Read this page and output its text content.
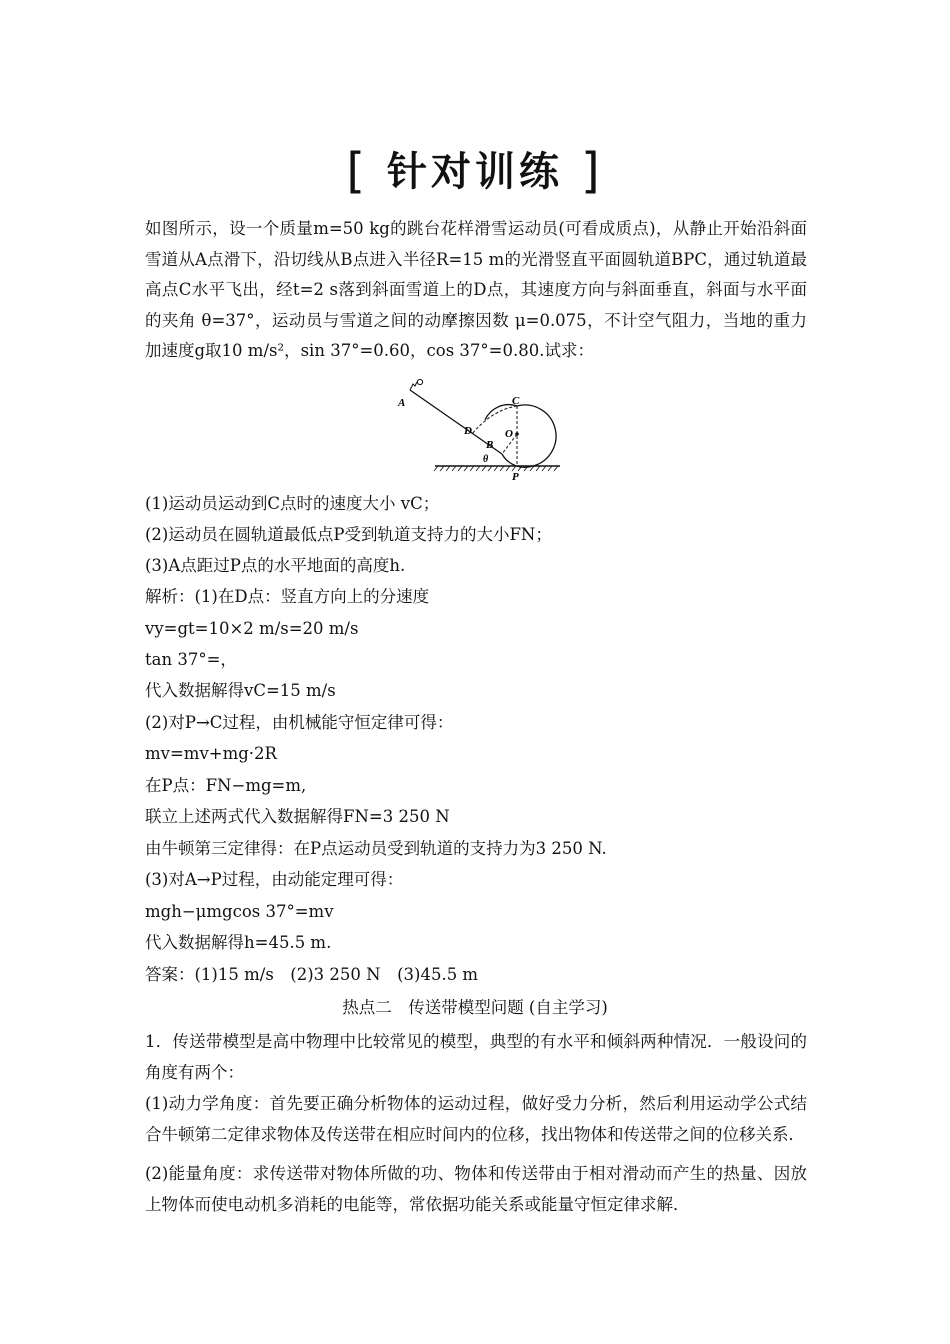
[ 针对训练 ]
如图所示，设一个质量m=50 kg的跳台花样滑雪运动员(可看成质点)，从静止开始沿斜面雪道从A点滑下，沿切线从B点进入半径R=15 m的光滑竖直平面圆轨道BPC，通过轨道最高点C水平飞出，经t=2 s落到斜面雪道上的D点，其速度方向与斜面垂直，斜面与水平面的夹角 θ=37°，运动员与雪道之间的动摩擦因数 μ=0.075，不计空气阻力，当地的重力加速度g取10 m/s²，sin 37°=0.60，cos 37°=0.80.试求：
A	C
O
D
B
θ
P
(1)运动员运动到C点时的速度大小 vC；
(2)运动员在圆轨道最低点P受到轨道支持力的大小FN；
(3)A点距过P点的水平地面的高度h.
解析：(1)在D点：竖直方向上的分速度
vy=gt=10×2 m/s=20 m/s
tan 37°=，
代入数据解得vC=15 m/s
(2)对P→C过程，由机械能守恒定律可得：
mv=mv+mg·2R
在P点：FN−mg=m,
联立上述两式代入数据解得FN=3 250 N
由牛顿第三定律得：在P点运动员受到轨道的支持力为3 250 N.
(3)对A→P过程，由动能定理可得：
mgh−μmgcos 37°=mv
代入数据解得h=45.5 m.
答案：(1)15 m/s　(2)3 250 N　(3)45.5 m
热点二　传送带模型问题 (自主学习)
1．传送带模型是高中物理中比较常见的模型，典型的有水平和倾斜两种情况．一般设问的角度有两个：
(1)动力学角度：首先要正确分析物体的运动过程，做好受力分析，然后利用运动学公式结合牛顿第二定律求物体及传送带在相应时间内的位移，找出物体和传送带之间的位移关系．
(2)能量角度：求传送带对物体所做的功、物体和传送带由于相对滑动而产生的热量、因放上物体而使电动机多消耗的电能等，常依据功能关系或能量守恒定律求解．
